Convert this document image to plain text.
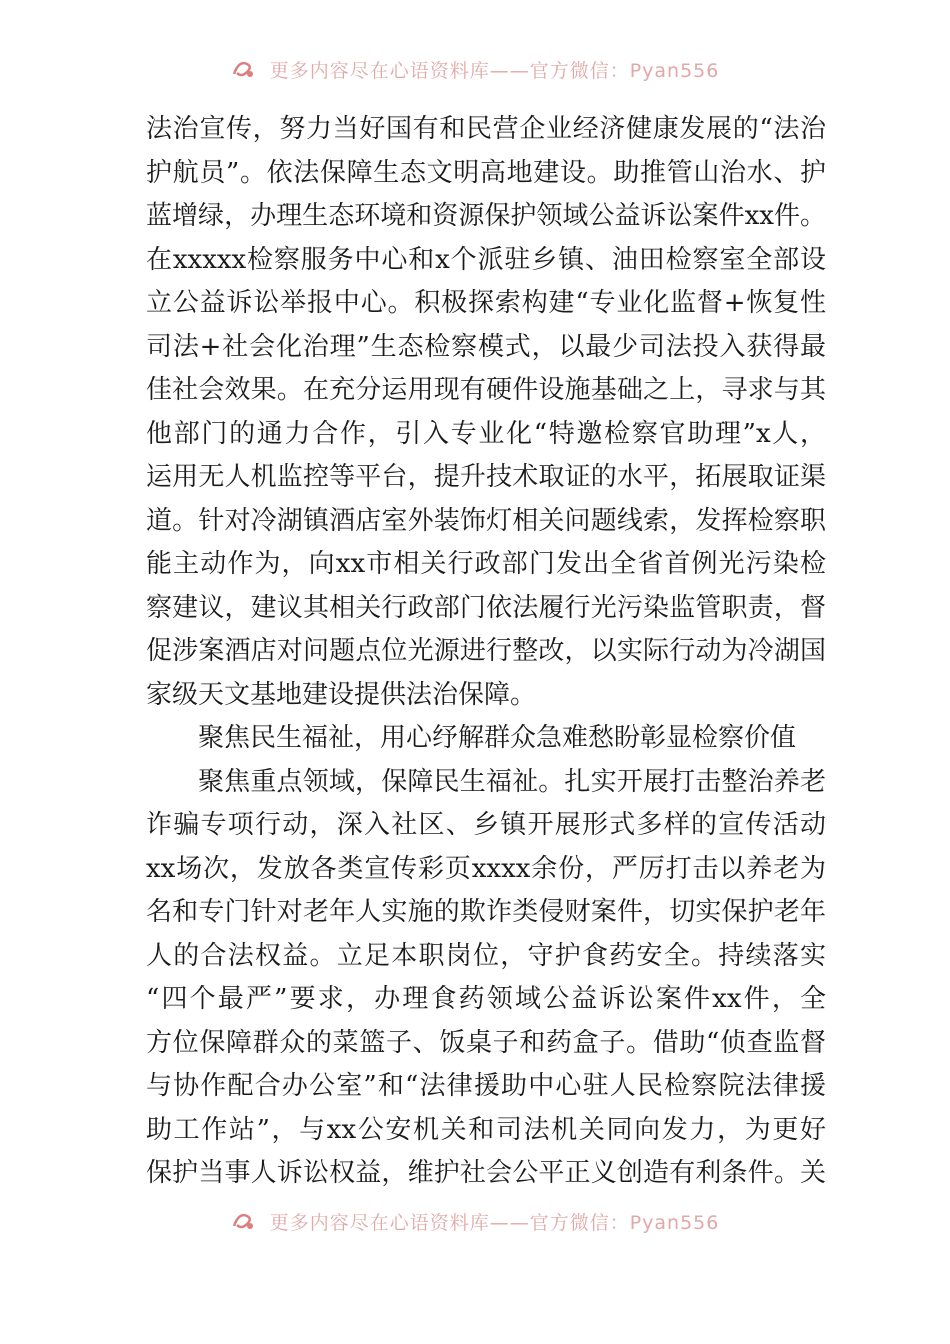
更多内容尽在心语资料库——官方微信：Pyan556
法治宣传，努力当好国有和民营企业经济健康发展的“法治
护航员”。依法保障生态文明高地建设。助推管山治水、护
蓝增绿，办理生态环境和资源保护领域公益诉讼案件xx件。
在xxxxx检察服务中心和x个派驻乡镇、油田检察室全部设
立公益诉讼举报中心。积极探索构建“专业化监督+恢复性
司法+社会化治理”生态检察模式，以最少司法投入获得最
佳社会效果。在充分运用现有硬件设施基础之上，寻求与其
他部门的通力合作，引入专业化“特邀检察官助理”x人，
运用无人机监控等平台，提升技术取证的水平，拓展取证渠
道。针对冷湖镇酒店室外装饰灯相关问题线索，发挥检察职
能主动作为，向xx市相关行政部门发出全省首例光污染检
察建议，建议其相关行政部门依法履行光污染监管职责，督
促涉案酒店对问题点位光源进行整改，以实际行动为冷湖国
家级天文基地建设提供法治保障。
聚焦民生福祉，用心纾解群众急难愁盼彰显检察价值
聚焦重点领域，保障民生福祉。扎实开展打击整治养老
诈骗专项行动，深入社区、乡镇开展形式多样的宣传活动
xx场次，发放各类宣传彩页xxxx余份，严厉打击以养老为
名和专门针对老年人实施的欺诈类侵财案件，切实保护老年
人的合法权益。立足本职岗位，守护食药安全。持续落实
“四个最严”要求，办理食药领域公益诉讼案件xx件，全
方位保障群众的菜篮子、饭桌子和药盒子。借助“侦查监督
与协作配合办公室”和“法律援助中心驻人民检察院法律援
助工作站”，与xx公安机关和司法机关同向发力，为更好
保护当事人诉讼权益，维护社会公平正义创造有利条件。关
更多内容尽在心语资料库——官方微信：Pyan556
